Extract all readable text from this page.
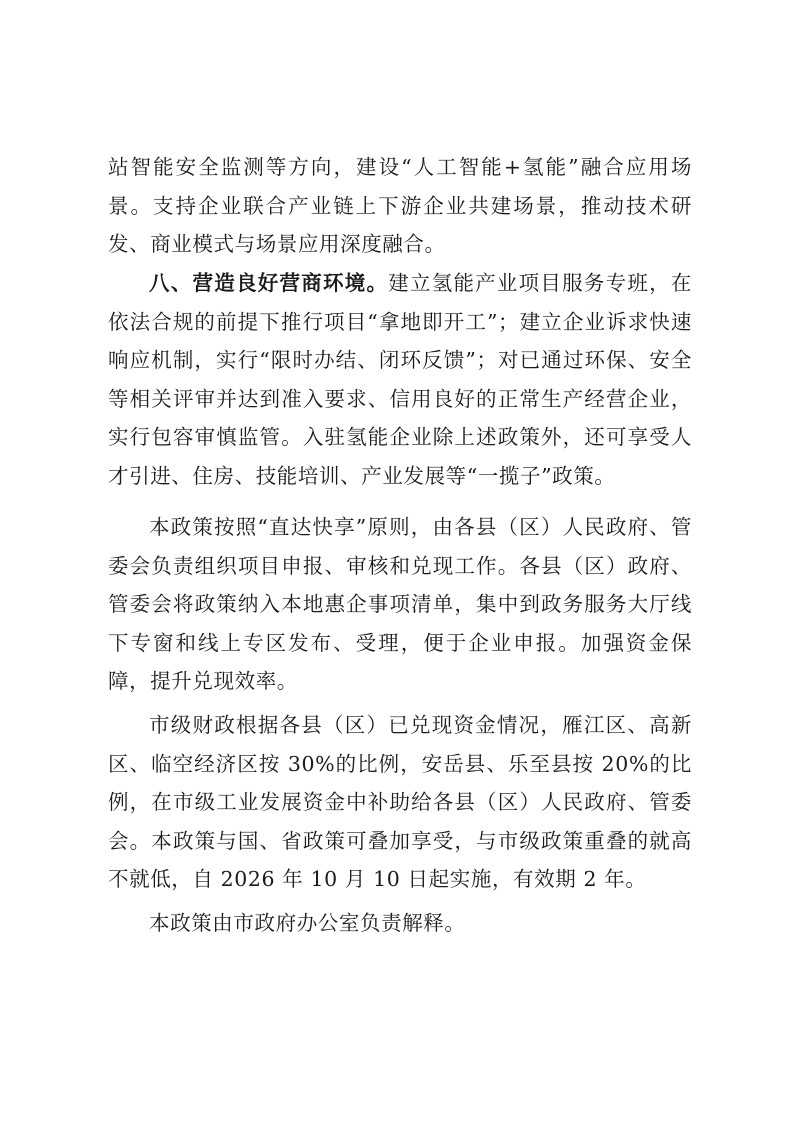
站智能安全监测等方向，建设“人工智能+氢能”融合应用场景。支持企业联合产业链上下游企业共建场景，推动技术研发、商业模式与场景应用深度融合。

八、营造良好营商环境。建立氢能产业项目服务专班，在依法合规的前提下推行项目“拿地即开工”；建立企业诉求快速响应机制，实行“限时办结、闭环反馈”；对已通过环保、安全等相关评审并达到准入要求、信用良好的正常生产经营企业，实行包容审慎监管。入驻氢能企业除上述政策外，还可享受人才引进、住房、技能培训、产业发展等“一揽子”政策。

本政策按照“直达快享”原则，由各县（区）人民政府、管委会负责组织项目申报、审核和兑现工作。各县（区）政府、管委会将政策纳入本地惠企事项清单，集中到政务服务大厅线下专窗和线上专区发布、受理，便于企业申报。加强资金保障，提升兑现效率。

市级财政根据各县（区）已兑现资金情况，雁江区、高新区、临空经济区按 30%的比例，安岳县、乐至县按 20%的比例，在市级工业发展资金中补助给各县（区）人民政府、管委会。本政策与国、省政策可叠加享受，与市级政策重叠的就高不就低，自 2026 年 10 月 10 日起实施，有效期 2 年。

本政策由市政府办公室负责解释。
